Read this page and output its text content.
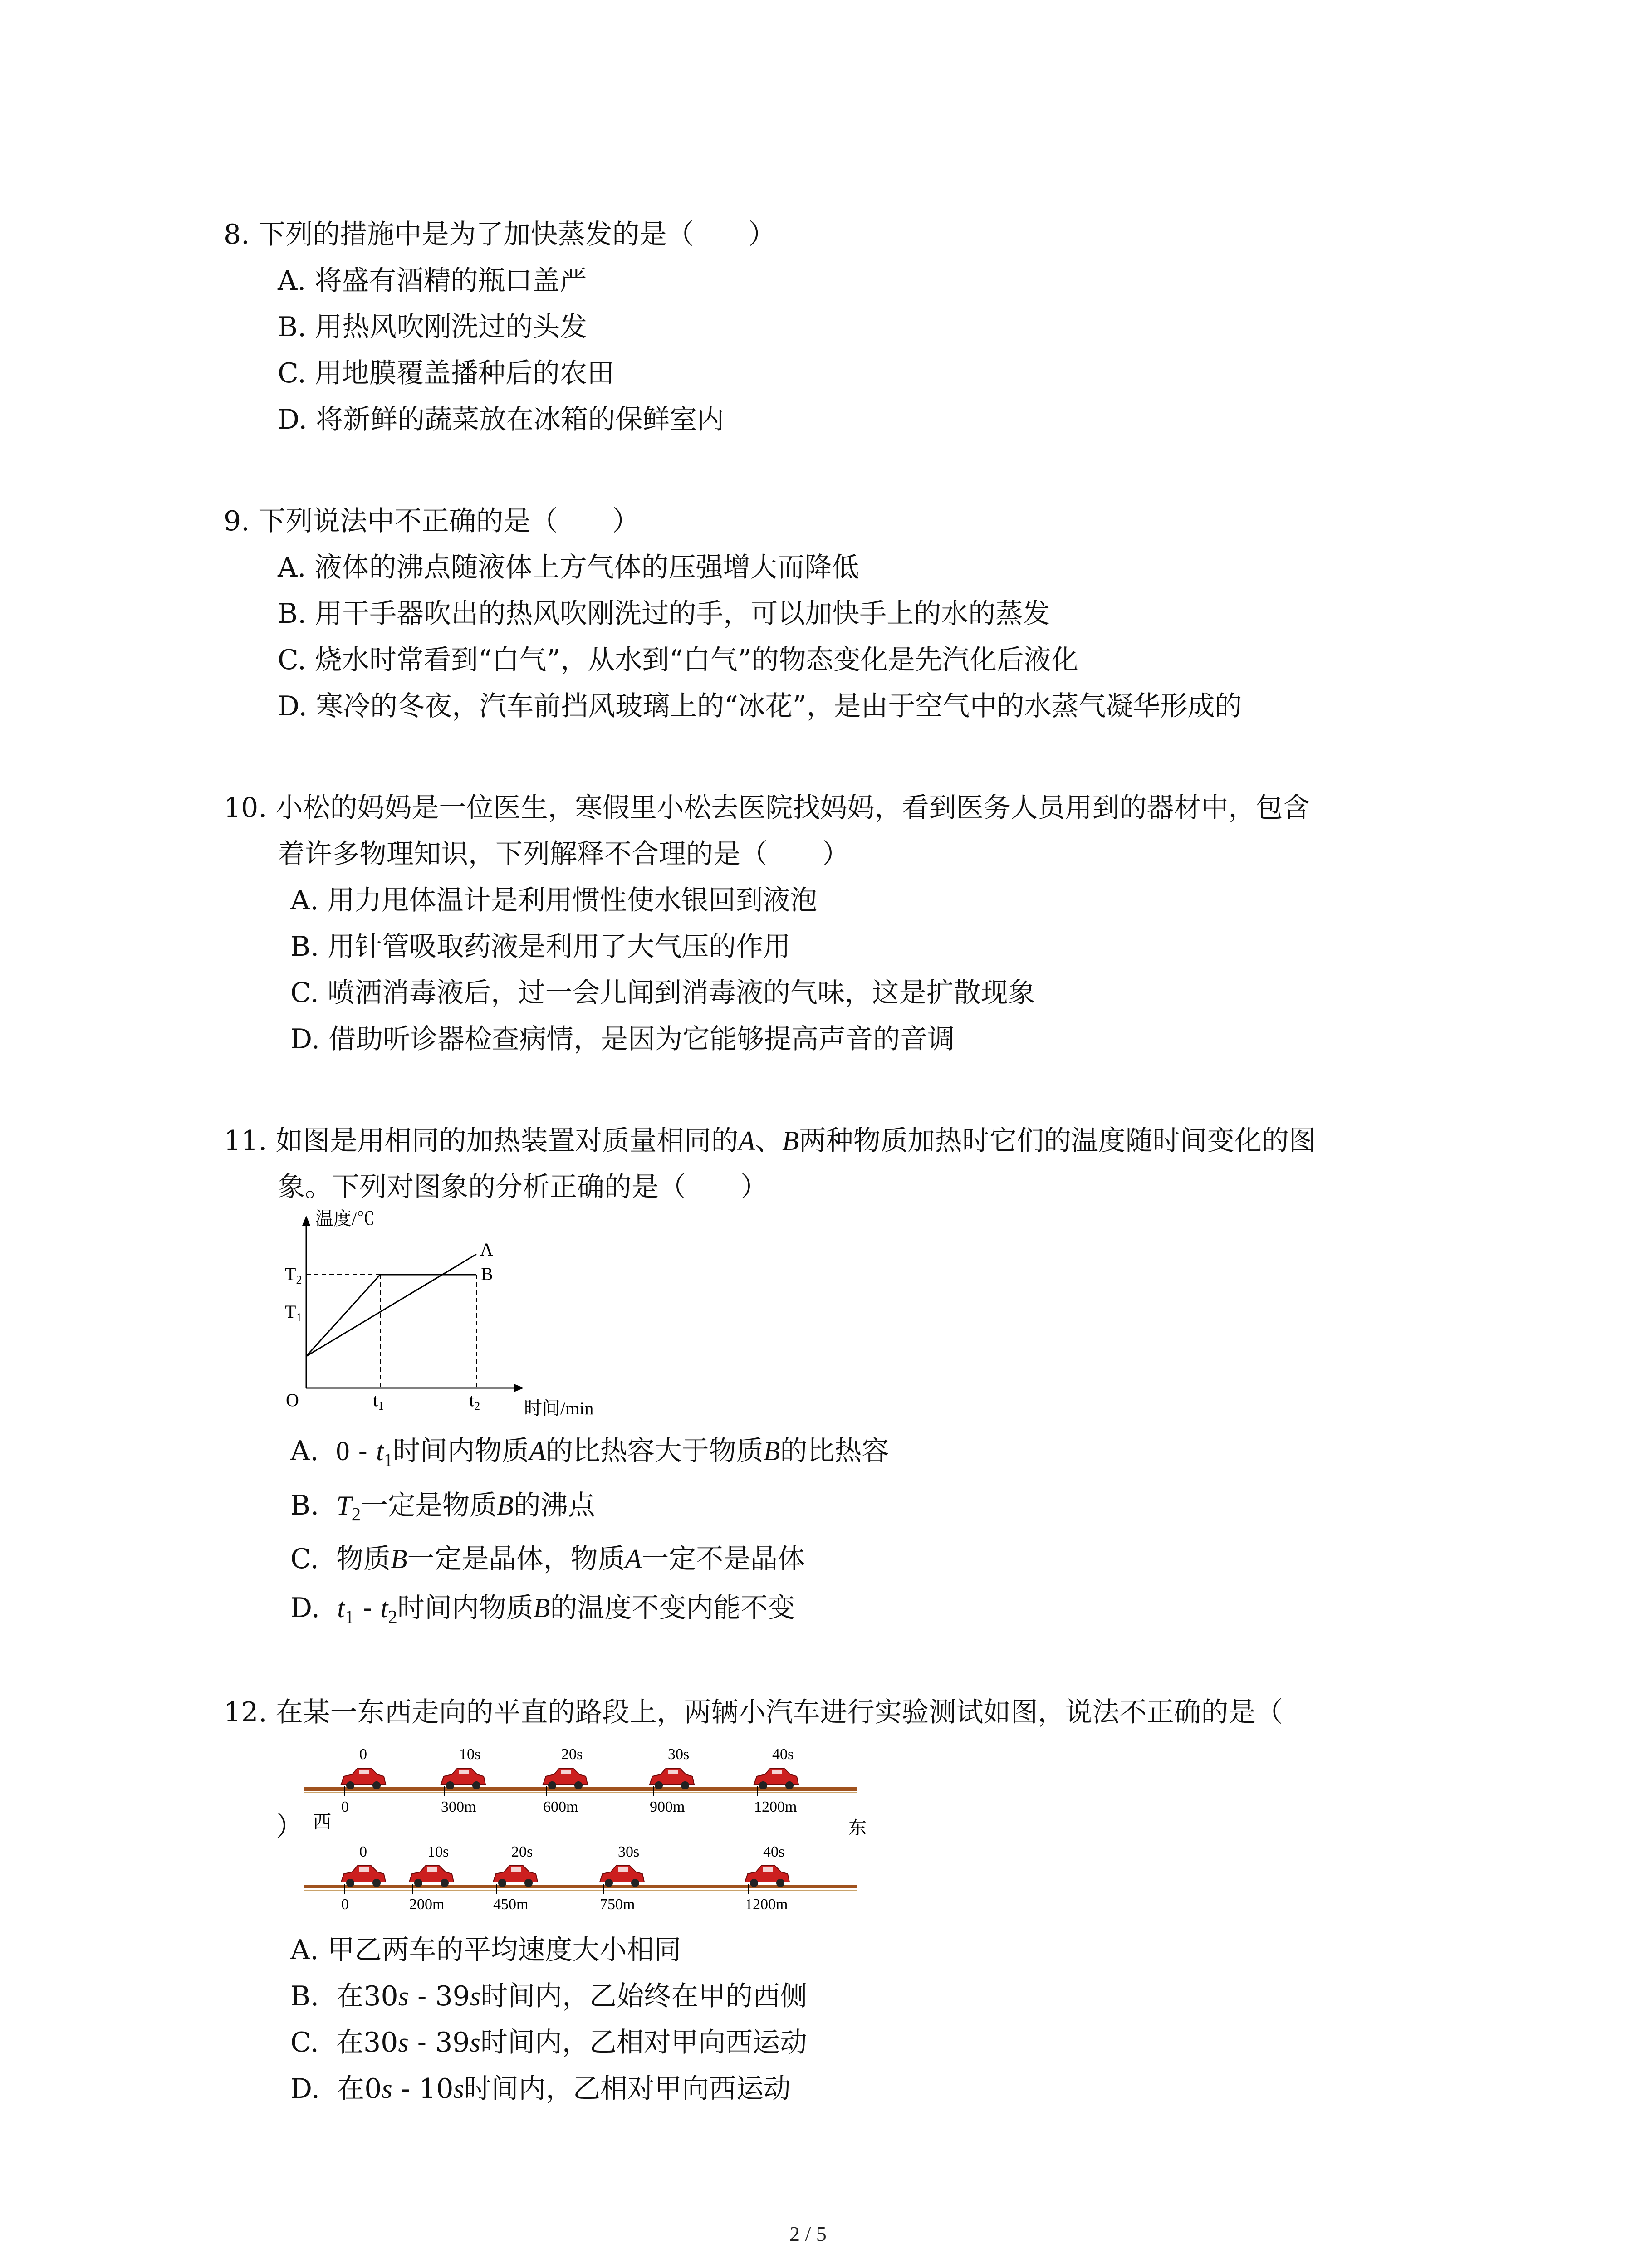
8. 下列的措施中是为了加快蒸发的是（　　）
A. 将盛有酒精的瓶口盖严
B. 用热风吹刚洗过的头发
C. 用地膜覆盖播种后的农田
D. 将新鲜的蔬菜放在冰箱的保鲜室内
9. 下列说法中不正确的是（　　）
A. 液体的沸点随液体上方气体的压强增大而降低
B. 用干手器吹出的热风吹刚洗过的手，可以加快手上的水的蒸发
C. 烧水时常看到“白气”，从水到“白气”的物态变化是先汽化后液化
D. 寒冷的冬夜，汽车前挡风玻璃上的“冰花”，是由于空气中的水蒸气凝华形成的
10. 小松的妈妈是一位医生，寒假里小松去医院找妈妈，看到医务人员用到的器材中，包含
着许多物理知识，下列解释不合理的是（　　）
A. 用力甩体温计是利用惯性使水银回到液泡
B. 用针管吸取药液是利用了大气压的作用
C. 喷洒消毒液后，过一会儿闻到消毒液的气味，这是扩散现象
D. 借助听诊器检查病情，是因为它能够提高声音的音调
11. 如图是用相同的加热装置对质量相同的A、B两种物质加热时它们的温度随时间变化的图
象。下列对图象的分析正确的是（　　）
温度/℃
时间/min
O
$T_2$
$T_1$
A
B
$t_1$	$t_2$
A. $0 - t_1$时间内物质A的比热容大于物质B的比热容
B. $T_2$一定是物质B的沸点
C. 物质B一定是晶体，物质A一定不是晶体
D. $t_1 - t_2$时间内物质B的温度不变内能不变
12. 在某一东西走向的平直的路段上，两辆小汽车进行实验测试如图，说法不正确的是（
） 西	东
0
0
10s
300m
20s
600m
30s
900m
40s
1200m
0
0
10s
200m
20s
450m
30s
750m
40s
1200m
A. 甲乙两车的平均速度大小相同
B. 在30s - 39s时间内，乙始终在甲的西侧
C. 在30s - 39s时间内，乙相对甲向西运动
D. 在0s - 10s时间内，乙相对甲向西运动
2 / 5
